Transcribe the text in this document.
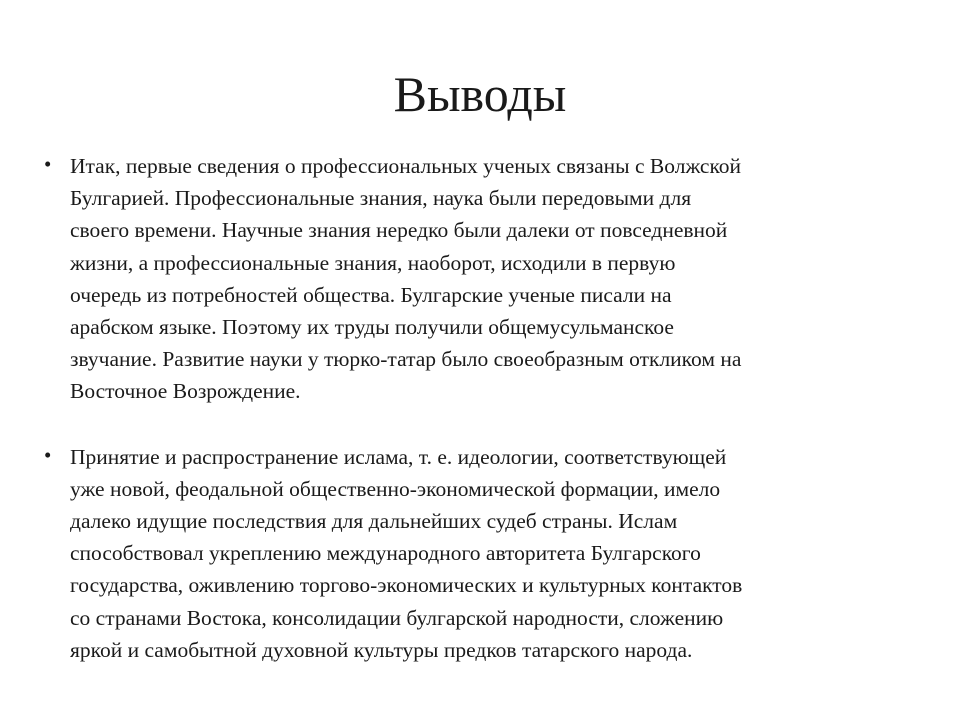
Выводы
• Итак, первые сведения о профессиональных ученых связаны с Волжской
Булгарией. Профессиональные знания, наука были передовыми для
своего времени. Научные знания нередко были далеки от повседневной
жизни, а профессиональные знания, наоборот, исходили в первую
очередь из потребностей общества. Булгарские ученые писали на
арабском языке. Поэтому их труды получили общемусульманское
звучание. Развитие науки у тюрко-татар было своеобразным откликом на
Восточное Возрождение.
• Принятие и распространение ислама, т. е. идеологии, соответствующей
уже новой, феодальной общественно-экономической формации, имело
далеко идущие последствия для дальнейших судеб страны. Ислам
способствовал укреплению международного авторитета Булгарского
государства, оживлению торгово-экономических и культурных контактов
со странами Востока, консолидации булгарской народности, сложению
яркой и самобытной духовной культуры предков татарского народа.
